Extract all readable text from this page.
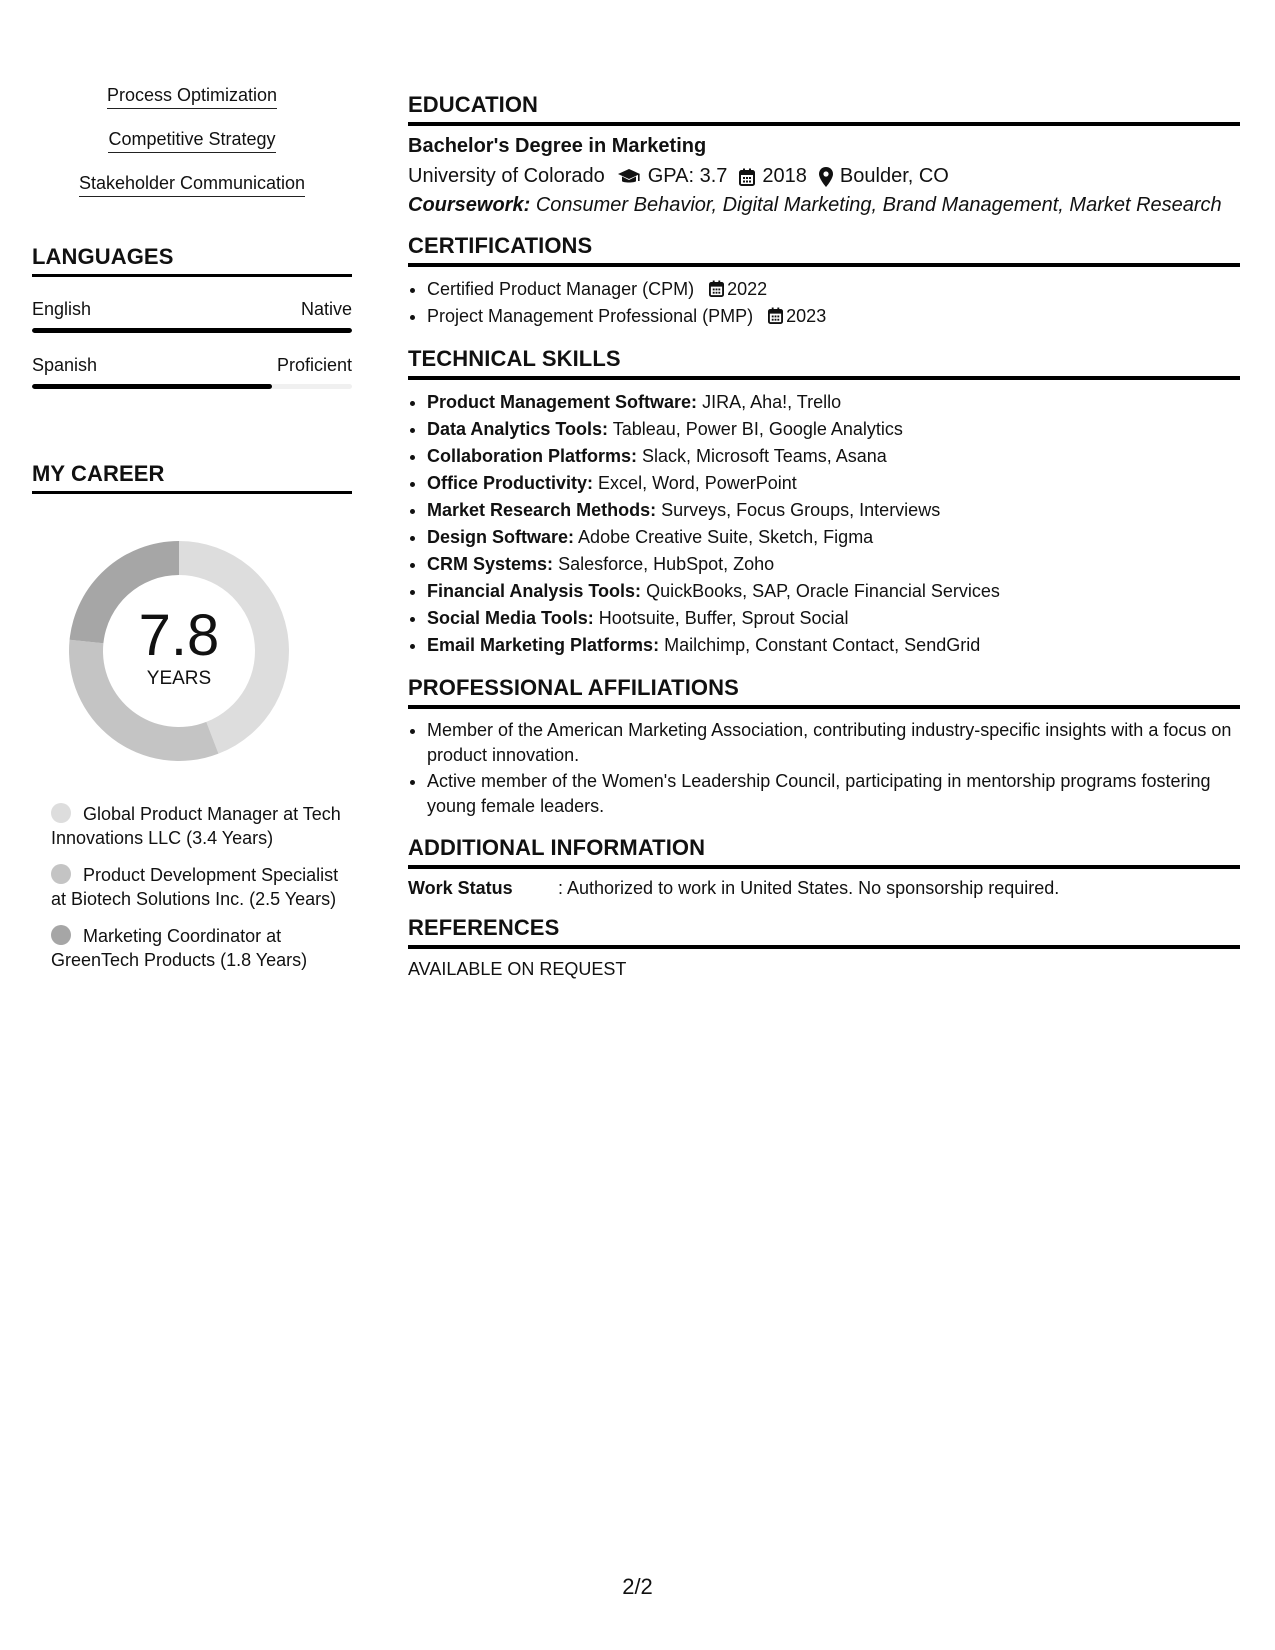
Process Optimization
Competitive Strategy
Stakeholder Communication
LANGUAGES
English	Native
Spanish	Proficient
MY CAREER
7.8
YEARS
Global Product Manager at Tech Innovations LLC (3.4 Years)
Product Development Specialist at Biotech Solutions Inc. (2.5 Years)
Marketing Coordinator at GreenTech Products (1.8 Years)
EDUCATION
Bachelor's Degree in Marketing
University of Colorado GPA: 3.7 2018 Boulder, CO
Coursework: Consumer Behavior, Digital Marketing, Brand Management, Market Research
CERTIFICATIONS
• Certified Product Manager (CPM) 2022
• Project Management Professional (PMP) 2023
TECHNICAL SKILLS
• Product Management Software: JIRA, Aha!, Trello
• Data Analytics Tools: Tableau, Power BI, Google Analytics
• Collaboration Platforms: Slack, Microsoft Teams, Asana
• Office Productivity: Excel, Word, PowerPoint
• Market Research Methods: Surveys, Focus Groups, Interviews
• Design Software: Adobe Creative Suite, Sketch, Figma
• CRM Systems: Salesforce, HubSpot, Zoho
• Financial Analysis Tools: QuickBooks, SAP, Oracle Financial Services
• Social Media Tools: Hootsuite, Buffer, Sprout Social
• Email Marketing Platforms: Mailchimp, Constant Contact, SendGrid
PROFESSIONAL AFFILIATIONS
• Member of the American Marketing Association, contributing industry-specific insights with a focus on product innovation.
• Active member of the Women's Leadership Council, participating in mentorship programs fostering young female leaders.
ADDITIONAL INFORMATION
Work Status	: Authorized to work in United States. No sponsorship required.
REFERENCES
AVAILABLE ON REQUEST
2/2
